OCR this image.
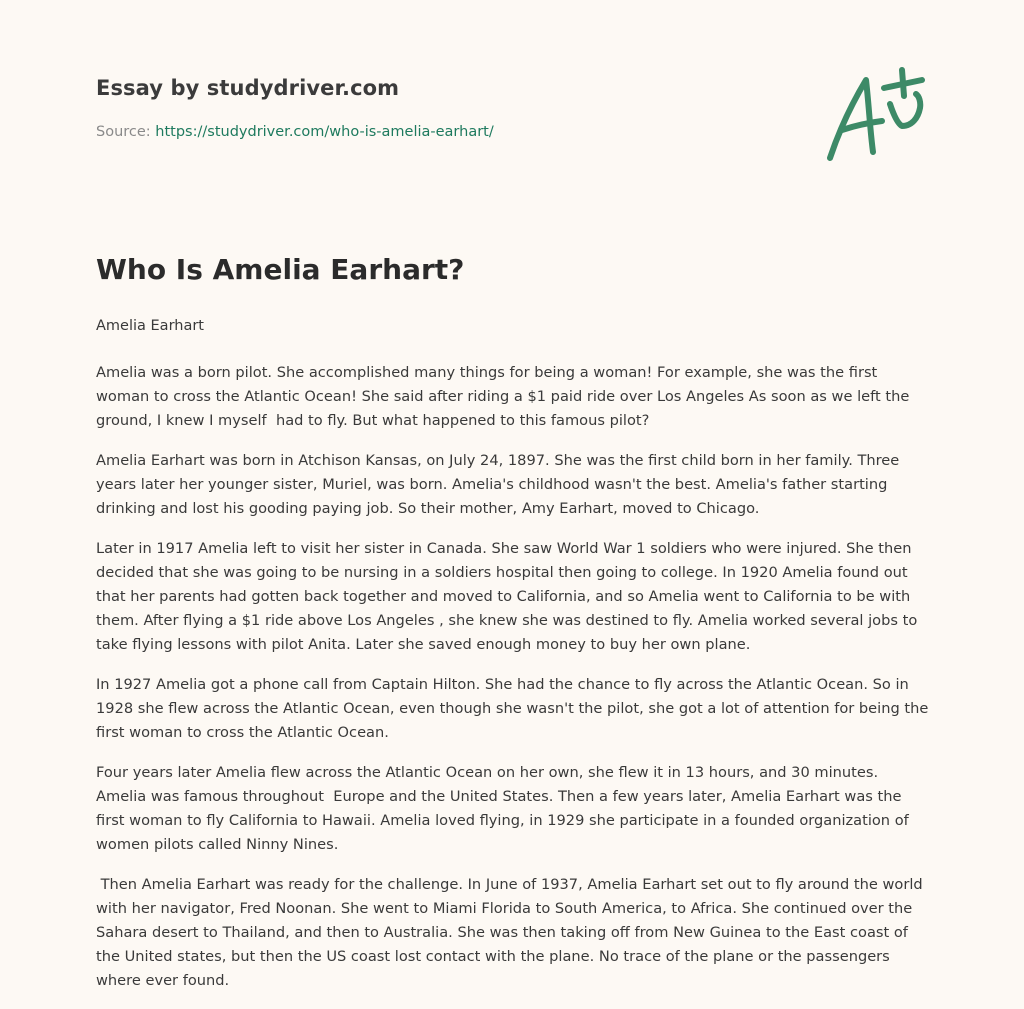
Essay by studydriver.com
Source: https://studydriver.com/who-is-amelia-earhart/
Who Is Amelia Earhart?
Amelia Earhart

Amelia was a born pilot. She accomplished many things for being a woman! For example, she was the first woman to cross the Atlantic Ocean! She said after riding a $1 paid ride over Los Angeles As soon as we left the ground, I knew I myself  had to fly. But what happened to this famous pilot?

Amelia Earhart was born in Atchison Kansas, on July 24, 1897. She was the first child born in her family. Three years later her younger sister, Muriel, was born. Amelia's childhood wasn't the best. Amelia's father starting drinking and lost his gooding paying job. So their mother, Amy Earhart, moved to Chicago.

Later in 1917 Amelia left to visit her sister in Canada. She saw World War 1 soldiers who were injured. She then decided that she was going to be nursing in a soldiers hospital then going to college. In 1920 Amelia found out that her parents had gotten back together and moved to California, and so Amelia went to California to be with them. After flying a $1 ride above Los Angeles , she knew she was destined to fly. Amelia worked several jobs to take flying lessons with pilot Anita. Later she saved enough money to buy her own plane.

In 1927 Amelia got a phone call from Captain Hilton. She had the chance to fly across the Atlantic Ocean. So in 1928 she flew across the Atlantic Ocean, even though she wasn't the pilot, she got a lot of attention for being the first woman to cross the Atlantic Ocean.

Four years later Amelia flew across the Atlantic Ocean on her own, she flew it in 13 hours, and 30 minutes. Amelia was famous throughout  Europe and the United States. Then a few years later, Amelia Earhart was the first woman to fly California to Hawaii. Amelia loved flying, in 1929 she participate in a founded organization of women pilots called Ninny Nines.

Then Amelia Earhart was ready for the challenge. In June of 1937, Amelia Earhart set out to fly around the world with her navigator, Fred Noonan. She went to Miami Florida to South America, to Africa. She continued over the Sahara desert to Thailand, and then to Australia. She was then taking off from New Guinea to the East coast of the United states, but then the US coast lost contact with the plane. No trace of the plane or the passengers where ever found.
